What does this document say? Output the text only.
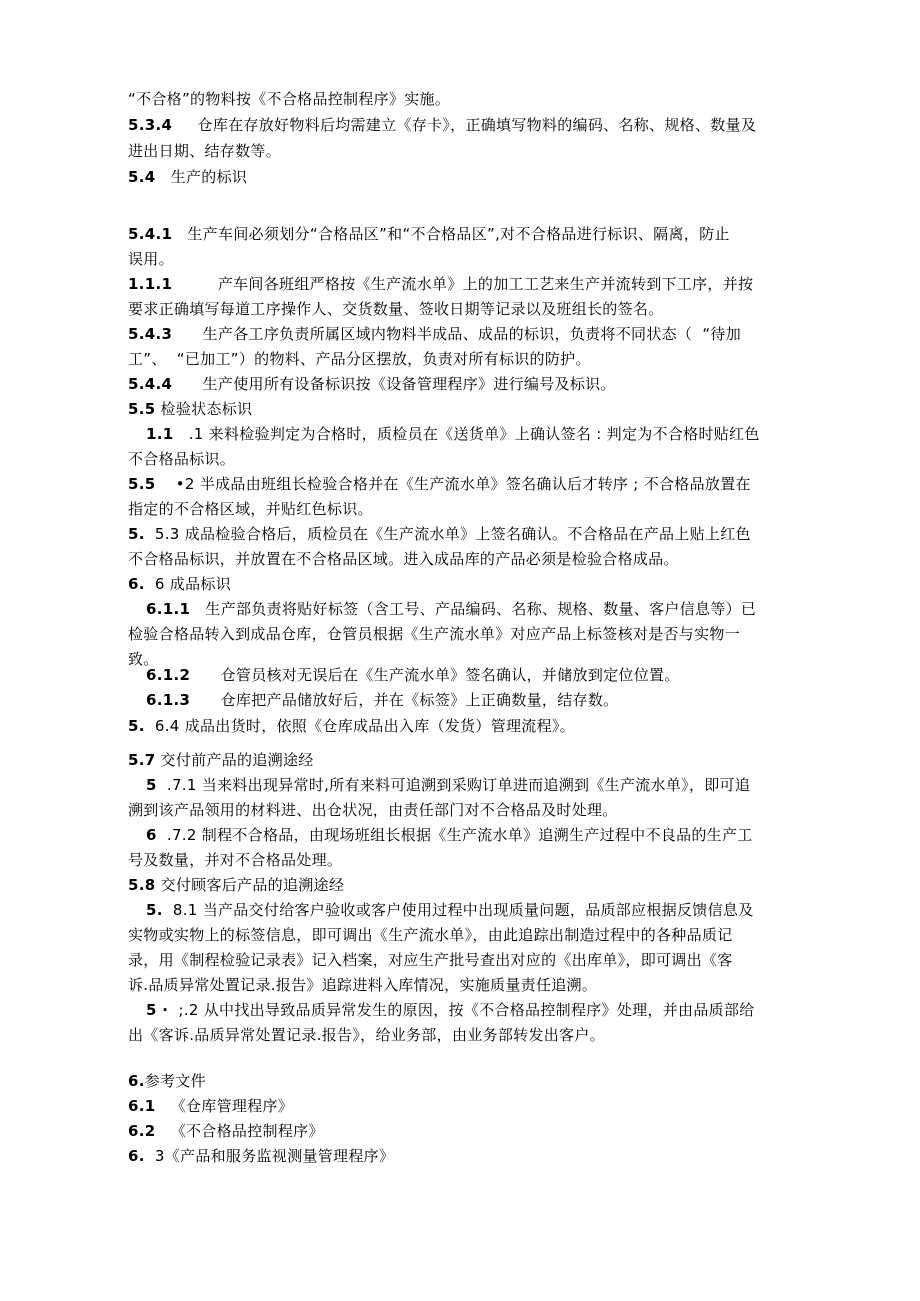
“不合格”的物料按《不合格品控制程序》实施。
5.3.4     仓库在存放好物料后均需建立《存卡》，正确填写物料的编码、名称、规格、数量及
进出日期、结存数等。
5.4   生产的标识
5.4.1   生产车间必须划分“合格品区”和“不合格品区”,对不合格品进行标识、隔离，防止
误用。
1.1.1         产车间各班组严格按《生产流水单》上的加工工艺来生产并流转到下工序，并按
要求正确填写每道工序操作人、交货数量、签收日期等记录以及班组长的签名。
5.4.3      生产各工序负责所属区域内物料半成品、成品的标识，负责将不同状态（  “待加
工”、  “已加工”）的物料、产品分区摆放，负责对所有标识的防护。
5.4.4      生产使用所有设备标识按《设备管理程序》进行编号及标识。
5.5 检验状态标识
1.1   .1 来料检验判定为合格时，质检员在《送货单》上确认签名 : 判定为不合格时贴红色
不合格品标识。
5.5    •2 半成品由班组长检验合格并在《生产流水单》签名确认后才转序 ; 不合格品放置在
指定的不合格区域，并贴红色标识。
5.  5.3 成品检验合格后，质检员在《生产流水单》上签名确认。不合格品在产品上贴上红色
不合格品标识，并放置在不合格品区域。进入成品库的产品必须是检验合格成品。
6.  6 成品标识
6.1.1   生产部负责将贴好标签（含工号、产品编码、名称、规格、数量、客户信息等）已
检验合格品转入到成品仓库，仓管员根据《生产流水单》对应产品上标签核对是否与实物一
致。
6.1.2      仓管员核对无误后在《生产流水单》签名确认，并储放到定位位置。
6.1.3      仓库把产品储放好后，并在《标签》上正确数量，结存数。
5.  6.4 成品出货时，依照《仓库成品出入库（发货）管理流程》。
5.7 交付前产品的追溯途经
5  .7.1 当来料出现异常时,所有来料可追溯到采购订单进而追溯到《生产流水单》，即可追
溯到该产品领用的材料进、出仓状况，由责任部门对不合格品及时处理。
6  .7.2 制程不合格品，由现场班组长根据《生产流水单》追溯生产过程中不良品的生产工
号及数量，并对不合格品处理。
5.8 交付顾客后产品的追溯途经
5.  8.1 当产品交付给客户验收或客户使用过程中出现质量问题，品质部应根据反馈信息及
实物或实物上的标签信息，即可调出《生产流水单》，由此追踪出制造过程中的各种品质记
录，用《制程检验记录表》记入档案，对应生产批号查出对应的《出库单》，即可调出《客
诉.品质异常处置记录.报告》追踪进料入库情况，实施质量责任追溯。
5 ·  ;.2 从中找出导致品质异常发生的原因，按《不合格品控制程序》处理，并由品质部给
出《客诉.品质异常处置记录.报告》，给业务部，由业务部转发出客户。
6.参考文件
6.1   《仓库管理程序》
6.2   《不合格品控制程序》
6.  3《产品和服务监视测量管理程序》
